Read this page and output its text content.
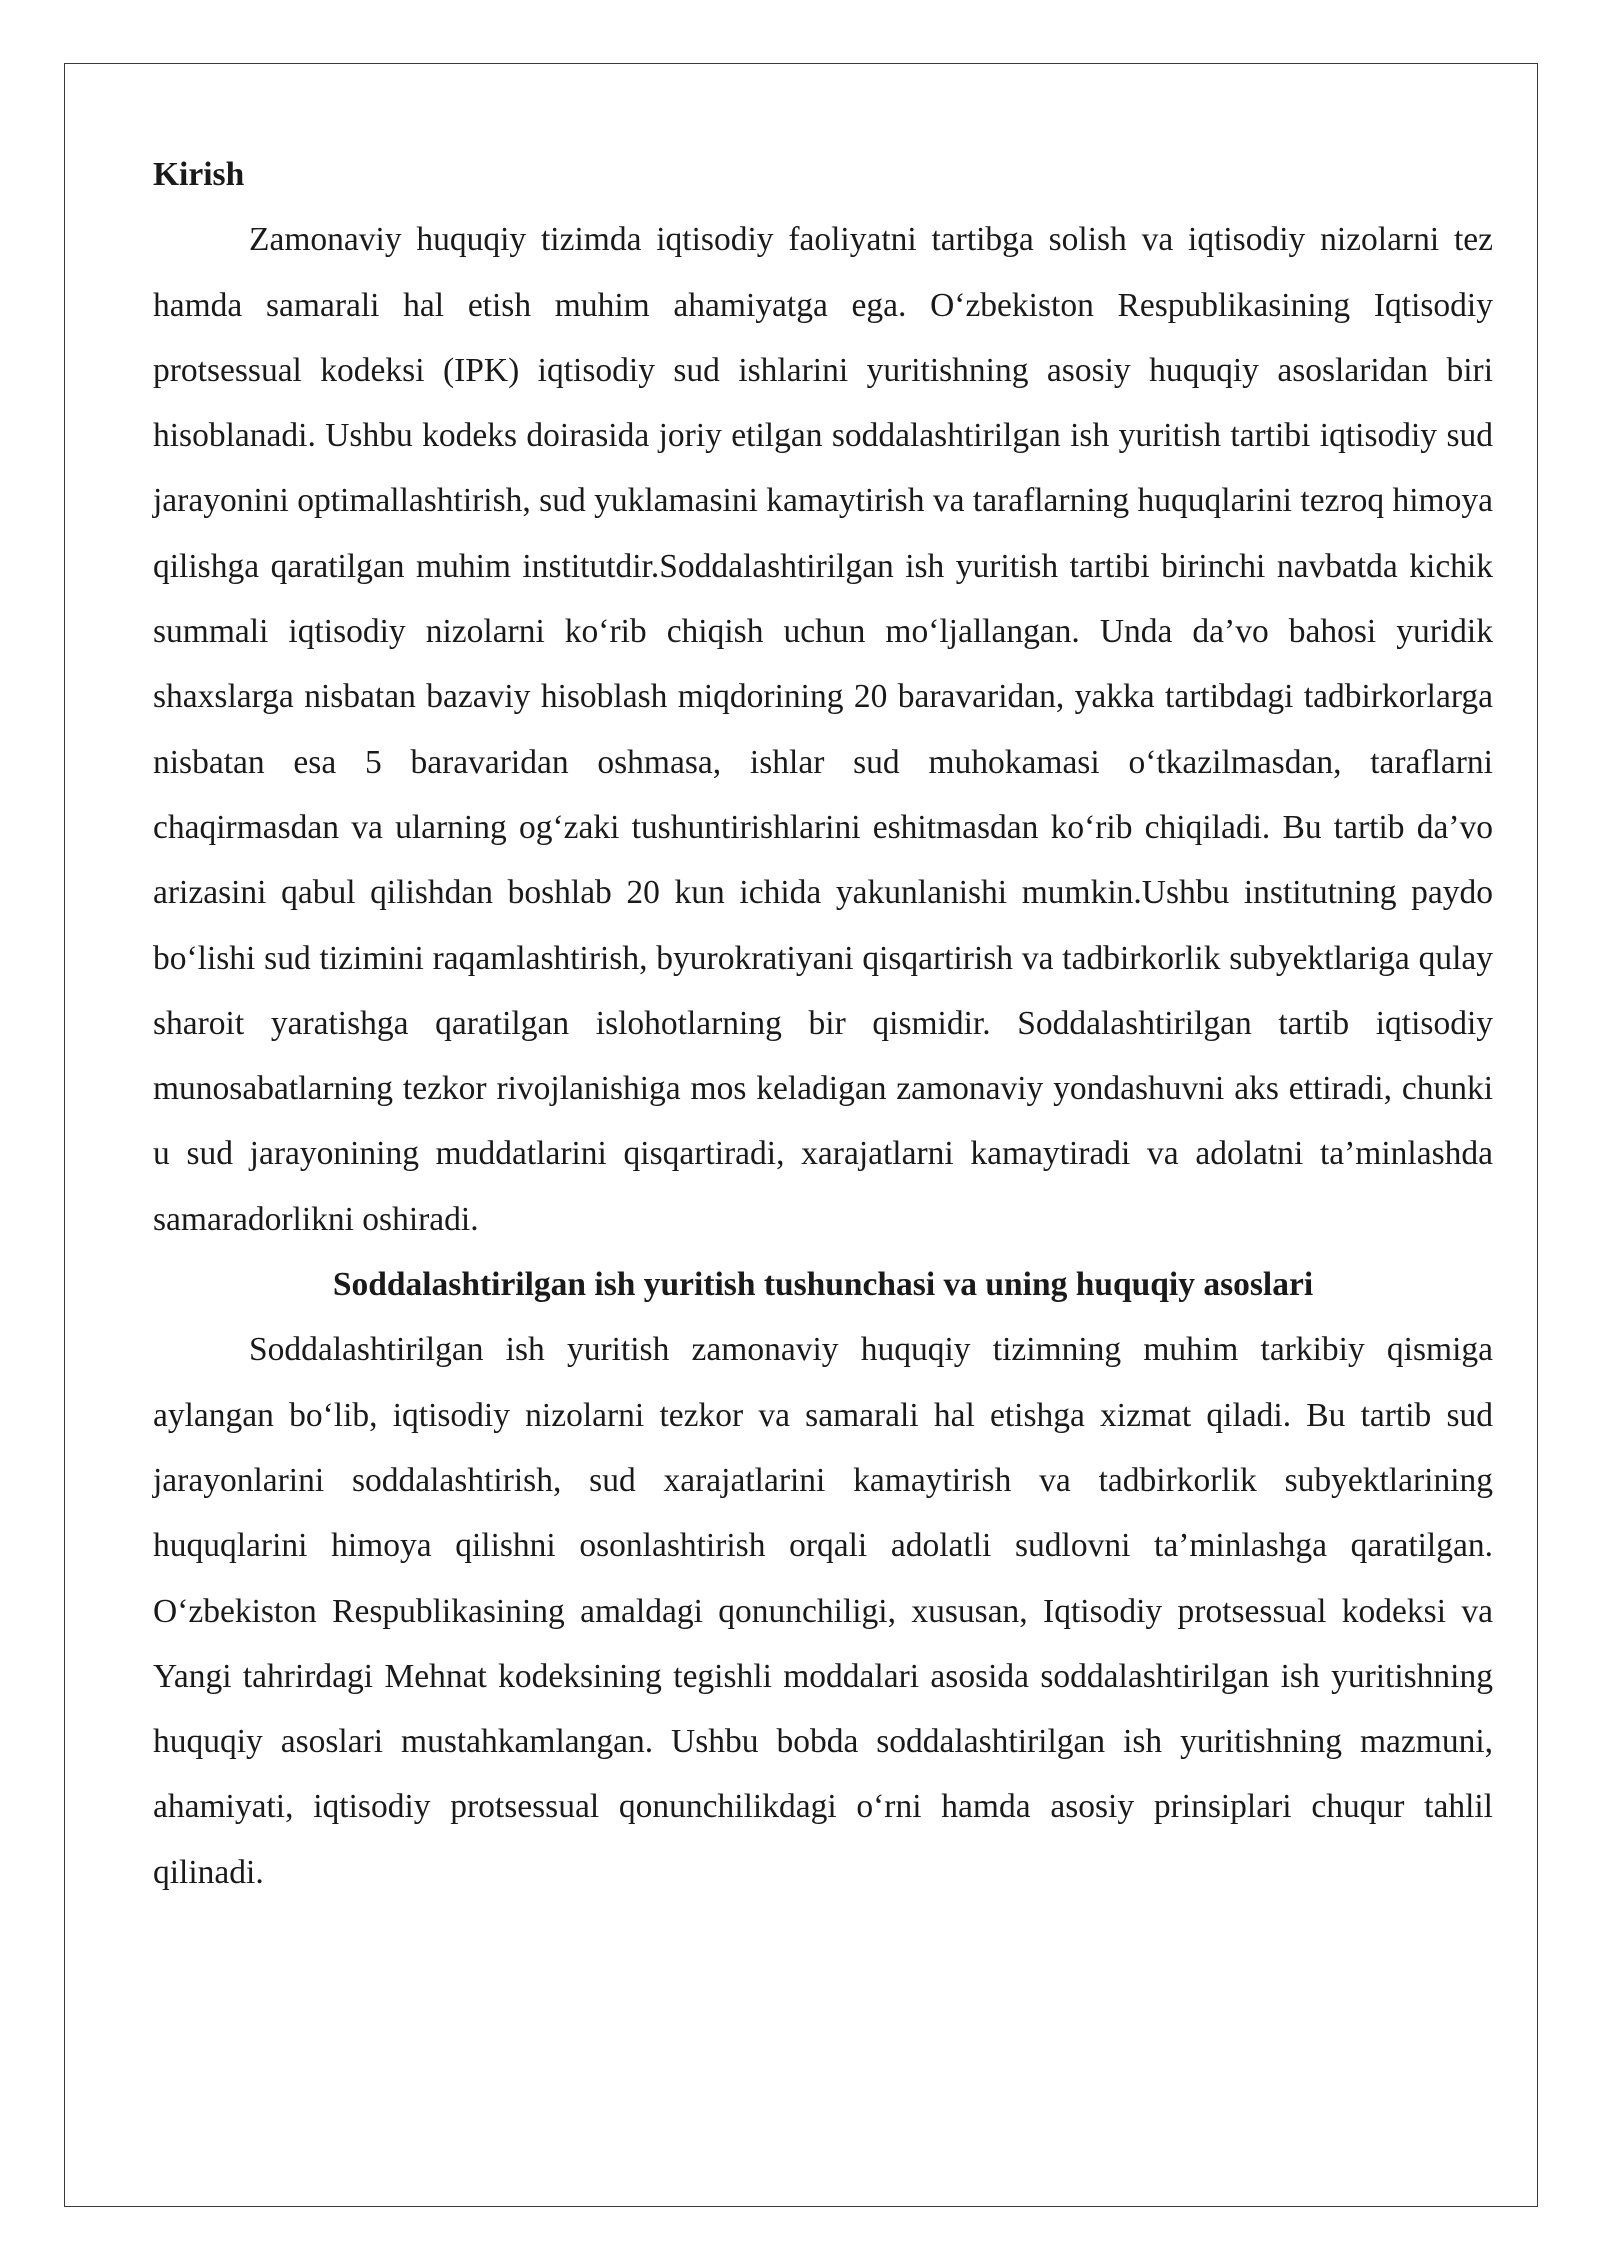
Kirish

Zamonaviy huquqiy tizimda iqtisodiy faoliyatni tartibga solish va iqtisodiy nizolarni tez hamda samarali hal etish muhim ahamiyatga ega. O‘zbekiston Respublikasining Iqtisodiy protsessual kodeksi (IPK) iqtisodiy sud ishlarini yuritishning asosiy huquqiy asoslaridan biri hisoblanadi. Ushbu kodeks doirasida joriy etilgan soddalashtirilgan ish yuritish tartibi iqtisodiy sud jarayonini optimallashtirish, sud yuklamasini kamaytirish va taraflarning huquqlarini tezroq himoya qilishga qaratilgan muhim institutdir.Soddalashtirilgan ish yuritish tartibi birinchi navbatda kichik summali iqtisodiy nizolarni ko‘rib chiqish uchun mo‘ljallangan. Unda da’vo bahosi yuridik shaxslarga nisbatan bazaviy hisoblash miqdorining 20 baravaridan, yakka tartibdagi tadbirkorlarga nisbatan esa 5 baravaridan oshmasa, ishlar sud muhokamasi o‘tkazilmasdan, taraflarni chaqirmasdan va ularning og‘zaki tushuntirishlarini eshitmasdan ko‘rib chiqiladi. Bu tartib da’vo arizasini qabul qilishdan boshlab 20 kun ichida yakunlanishi mumkin.Ushbu institutning paydo bo‘lishi sud tizimini raqamlashtirish, byurokratiyani qisqartirish va tadbirkorlik subyektlariga qulay sharoit yaratishga qaratilgan islohotlarning bir qismidir. Soddalashtirilgan tartib iqtisodiy munosabatlarning tezkor rivojlanishiga mos keladigan zamonaviy yondashuvni aks ettiradi, chunki u sud jarayonining muddatlarini qisqartiradi, xarajatlarni kamaytiradi va adolatni ta’minlashda samaradorlikni oshiradi.

Soddalashtirilgan ish yuritish tushunchasi va uning huquqiy asoslari

Soddalashtirilgan ish yuritish zamonaviy huquqiy tizimning muhim tarkibiy qismiga aylangan bo‘lib, iqtisodiy nizolarni tezkor va samarali hal etishga xizmat qiladi. Bu tartib sud jarayonlarini soddalashtirish, sud xarajatlarini kamaytirish va tadbirkorlik subyektlarining huquqlarini himoya qilishni osonlashtirish orqali adolatli sudlovni ta’minlashga qaratilgan. O‘zbekiston Respublikasining amaldagi qonunchiligi, xususan, Iqtisodiy protsessual kodeksi va Yangi tahrirdagi Mehnat kodeksining tegishli moddalari asosida soddalashtirilgan ish yuritishning huquqiy asoslari mustahkamlangan. Ushbu bobda soddalashtirilgan ish yuritishning mazmuni, ahamiyati, iqtisodiy protsessual qonunchilikdagi o‘rni hamda asosiy prinsiplari chuqur tahlil qilinadi.
